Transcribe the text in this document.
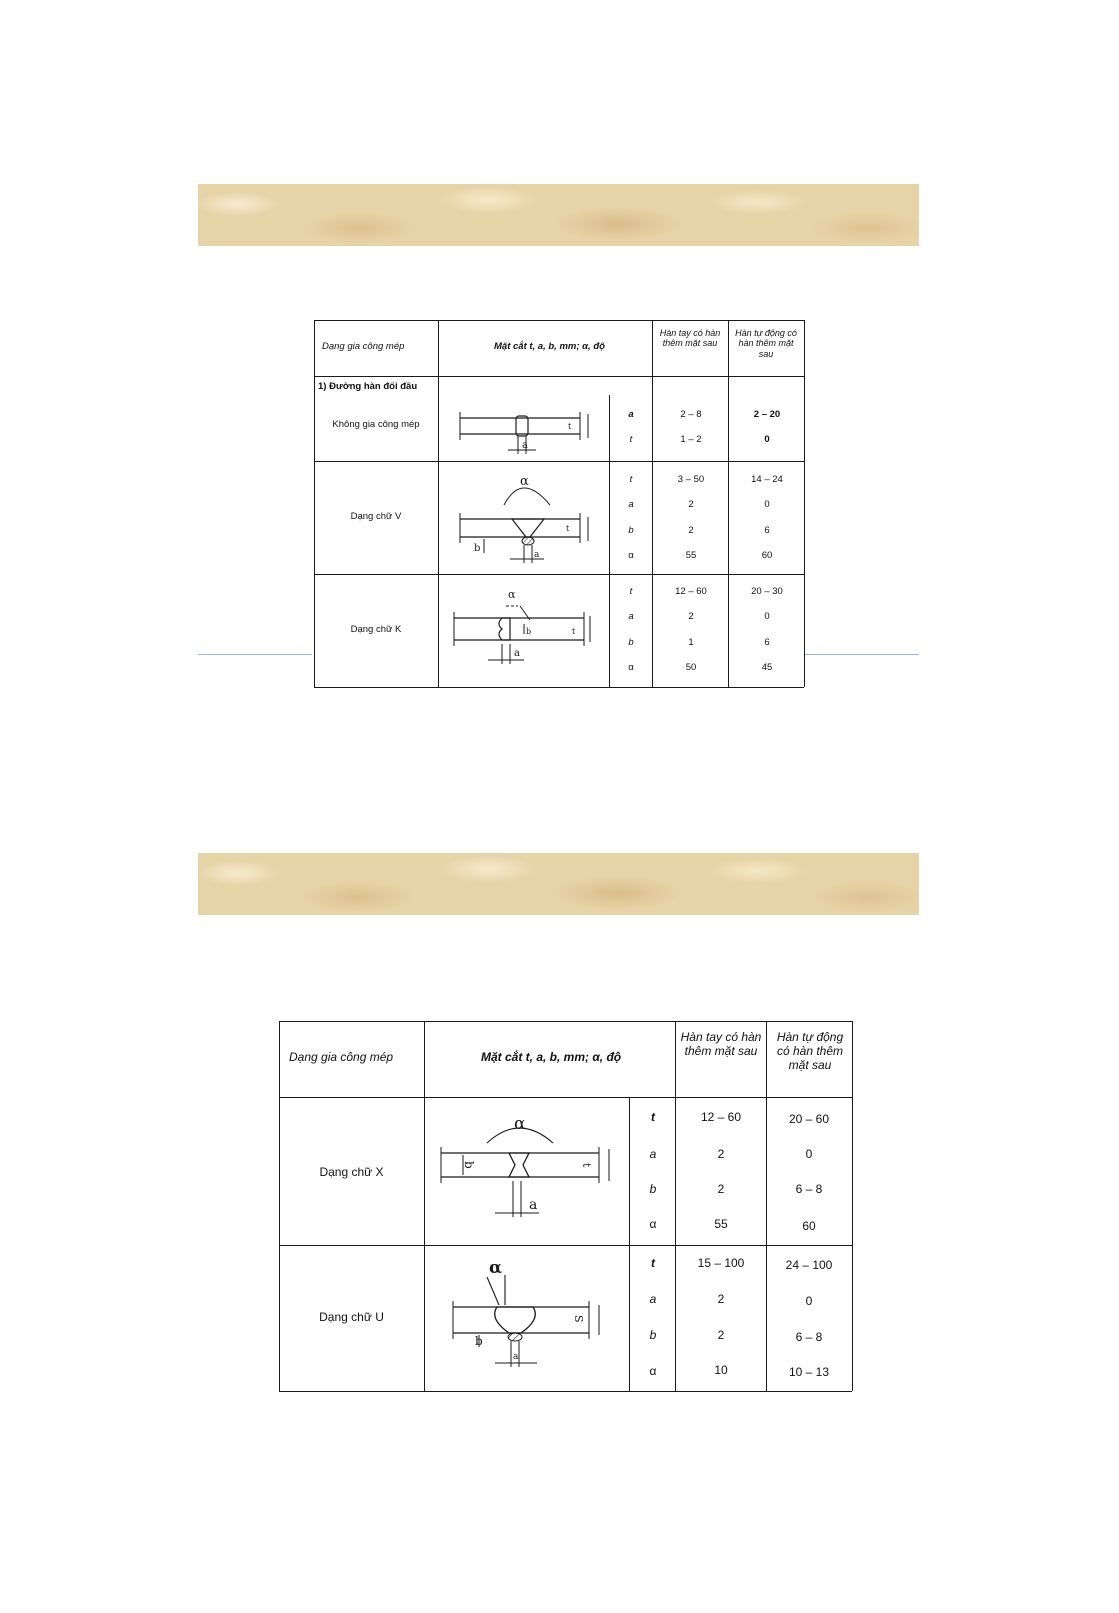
Dạng gia công mép	Mặt cắt t, a, b, mm; α, độ
Hàn tay có hàn thêm mặt sau
Hàn tự động có hàn thêm mặt sau
1) Đường hàn đối đầu
Không gia công mép
a	2 – 8	2 – 20
t	1 – 2	0
Dạng chữ V
t	3 – 50	14 – 24
a	2	0
b	2	6
α	55	60
Dạng chữ K
t	12 – 60	20 – 30
a	2	0
b	1	6
α	50	45
a
t
α
t
b
a
α
b	t
a
Dạng gia công mép	Mặt cắt t, a, b, mm; α, độ
Hàn tay có hàn thêm mặt sau
Hàn tự động có hàn thêm mặt sau
Dạng chữ X
t	12 – 60	20 – 60
a	2	0
b	2	6 – 8
α	55	60
Dạng chữ U
t	15 – 100	24 – 100
a	2	0
b	2	6 – 8
α	10	10 – 13
α
t
b
a
α
S
b
a
